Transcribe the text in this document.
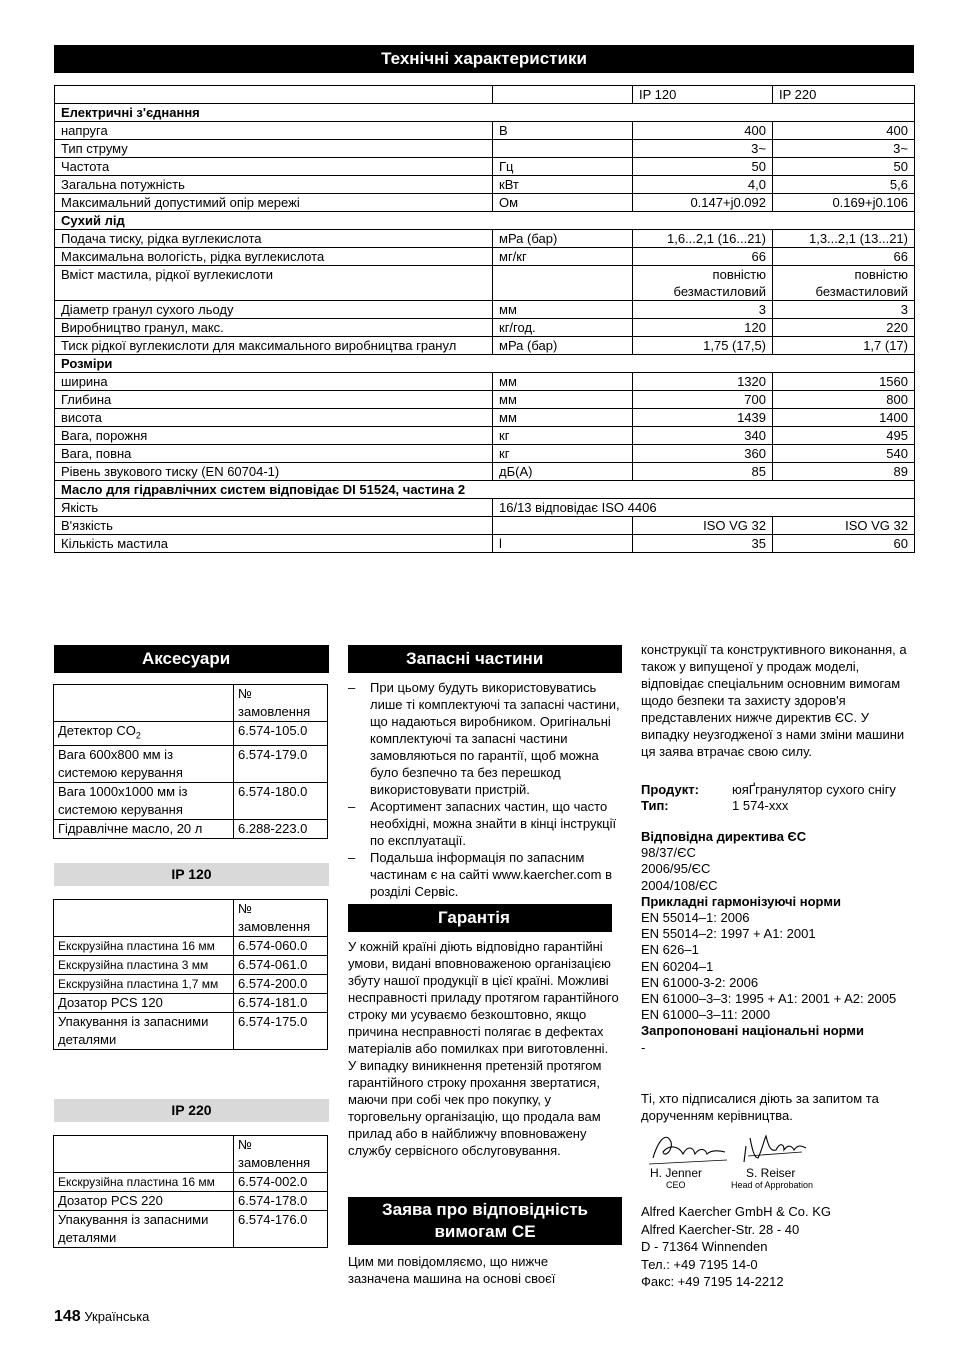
Технічні характеристики
		IP 120	IP 220
Електричні з'єднання			
напруга	В	400	400
Тип струму		3~	3~
Частота	Гц	50	50
Загальна потужність	кВт	4,0	5,6
Максимальний допустимий опір мережі	Ом	0.147+j0.092	0.169+j0.106
Сухий лід			
Подача тиску, рідка вуглекислота	мРа (бар)	1,6...2,1 (16...21)	1,3...2,1 (13...21)
Максимальна вологість, рідка вуглекислота	мг/кг	66	66
Вміст мастила, рідкої вуглекислоти		повністю безмастиловий	повністю безмастиловий
Діаметр гранул сухого льоду	мм	3	3
Виробництво гранул, макс.	кг/год.	120	220
Тиск рідкої вуглекислоти для максимального виробництва гранул	мРа (бар)	1,75 (17,5)	1,7 (17)
Розміри			
ширина	мм	1320	1560
Глибина	мм	700	800
висота	мм	1439	1400
Вага, порожня	кг	340	495
Вага, повна	кг	360	540
Рівень звукового тиску (EN 60704-1)	дБ(А)	85	89
Масло для гідравлічних систем відповідає DI 51524, частина 2			
Якість	16/13 відповідає ISO 4406		
В'язкість		ISO VG 32	ISO VG 32
Кількість мастила	l	35	60
Аксесуари
	№ замовлення
Детектор $CO_2$	6.574-105.0
Вага 600x800 мм із системою керування	6.574-179.0
Вага 1000x1000 мм із системою керування	6.574-180.0
Гідравлічне масло, 20 л	6.288-223.0
IP 120
	№ замовлення
Екскрузійна пластина 16 мм	6.574-060.0
Екскрузійна пластина 3 мм	6.574-061.0
Екскрузійна пластина 1,7 мм	6.574-200.0
Дозатор PCS 120	6.574-181.0
Упакування із запасними деталями	6.574-175.0
IP 220
	№ замовлення
Екскрузійна пластина 16 мм	6.574-002.0
Дозатор PCS 220	6.574-178.0
Упакування із запасними деталями	6.574-176.0
Запасні частини
– При цьому будуть використовуватись лише ті комплектуючі та запасні частини, що надаються виробником. Оригінальні комплектуючі та запасні частини замовляються по гарантії, щоб можна було безпечно та без перешкод використовувати пристрій.
– Асортимент запасних частин, що часто необхідні, можна знайти в кінці інструкції по експлуатації.
– Подальша інформація по запасним частинам є на сайті www.kaercher.com в розділі Сервіс.
Гарантія
У кожній країні діють відповідно гарантійні умови, видані вповноваженою організацією збуту нашої продукції в цієї країні. Можливі несправності приладу протягом гарантійного строку ми усуваємо безкоштовно, якщо причина несправності полягає в дефектах матеріалів або помилках при виготовленні. У випадку виникнення претензій протягом гарантійного строку прохання звертатися, маючи при собі чек про покупку, у торговельну організацію, що продала вам прилад або в найближчу вповноважену службу сервісного обслуговування.
Заява про відповідність вимогам СЕ
Цим ми повідомляємо, що нижче зазначена машина на основі своєї
конструкції та конструктивного виконання, а також у випущеної у продаж моделі, відповідає спеціальним основним вимогам щодо безпеки та захисту здоров'я представлених нижче директив ЄС. У випадку неузгодженої з нами зміни машини ця заява втрачає свою силу.
Продукт:	юяҐгранулятор сухого снігу
Тип:	1 574-xxx
Відповідна директива ЄС
98/37/ЄС
2006/95/ЄС
2004/108/ЄС
Прикладні гармонізуючі норми
EN 55014–1: 2006
EN 55014–2: 1997 + A1: 2001
EN 626–1
EN 60204–1
EN 61000-3-2: 2006
EN 61000–3–3: 1995 + A1: 2001 + A2: 2005
EN 61000–3–11: 2000
Запропоновані національні норми
-
Ті, хто підписалися діють за запитом та дорученням керівництва.
H. Jenner
CEO
S. Reiser
Head of Approbation
Alfred Kaercher GmbH & Co. KG
Alfred Kaercher-Str. 28 - 40
D - 71364 Winnenden
Тел.: +49 7195 14-0
Факс: +49 7195 14-2212
148 Українська
